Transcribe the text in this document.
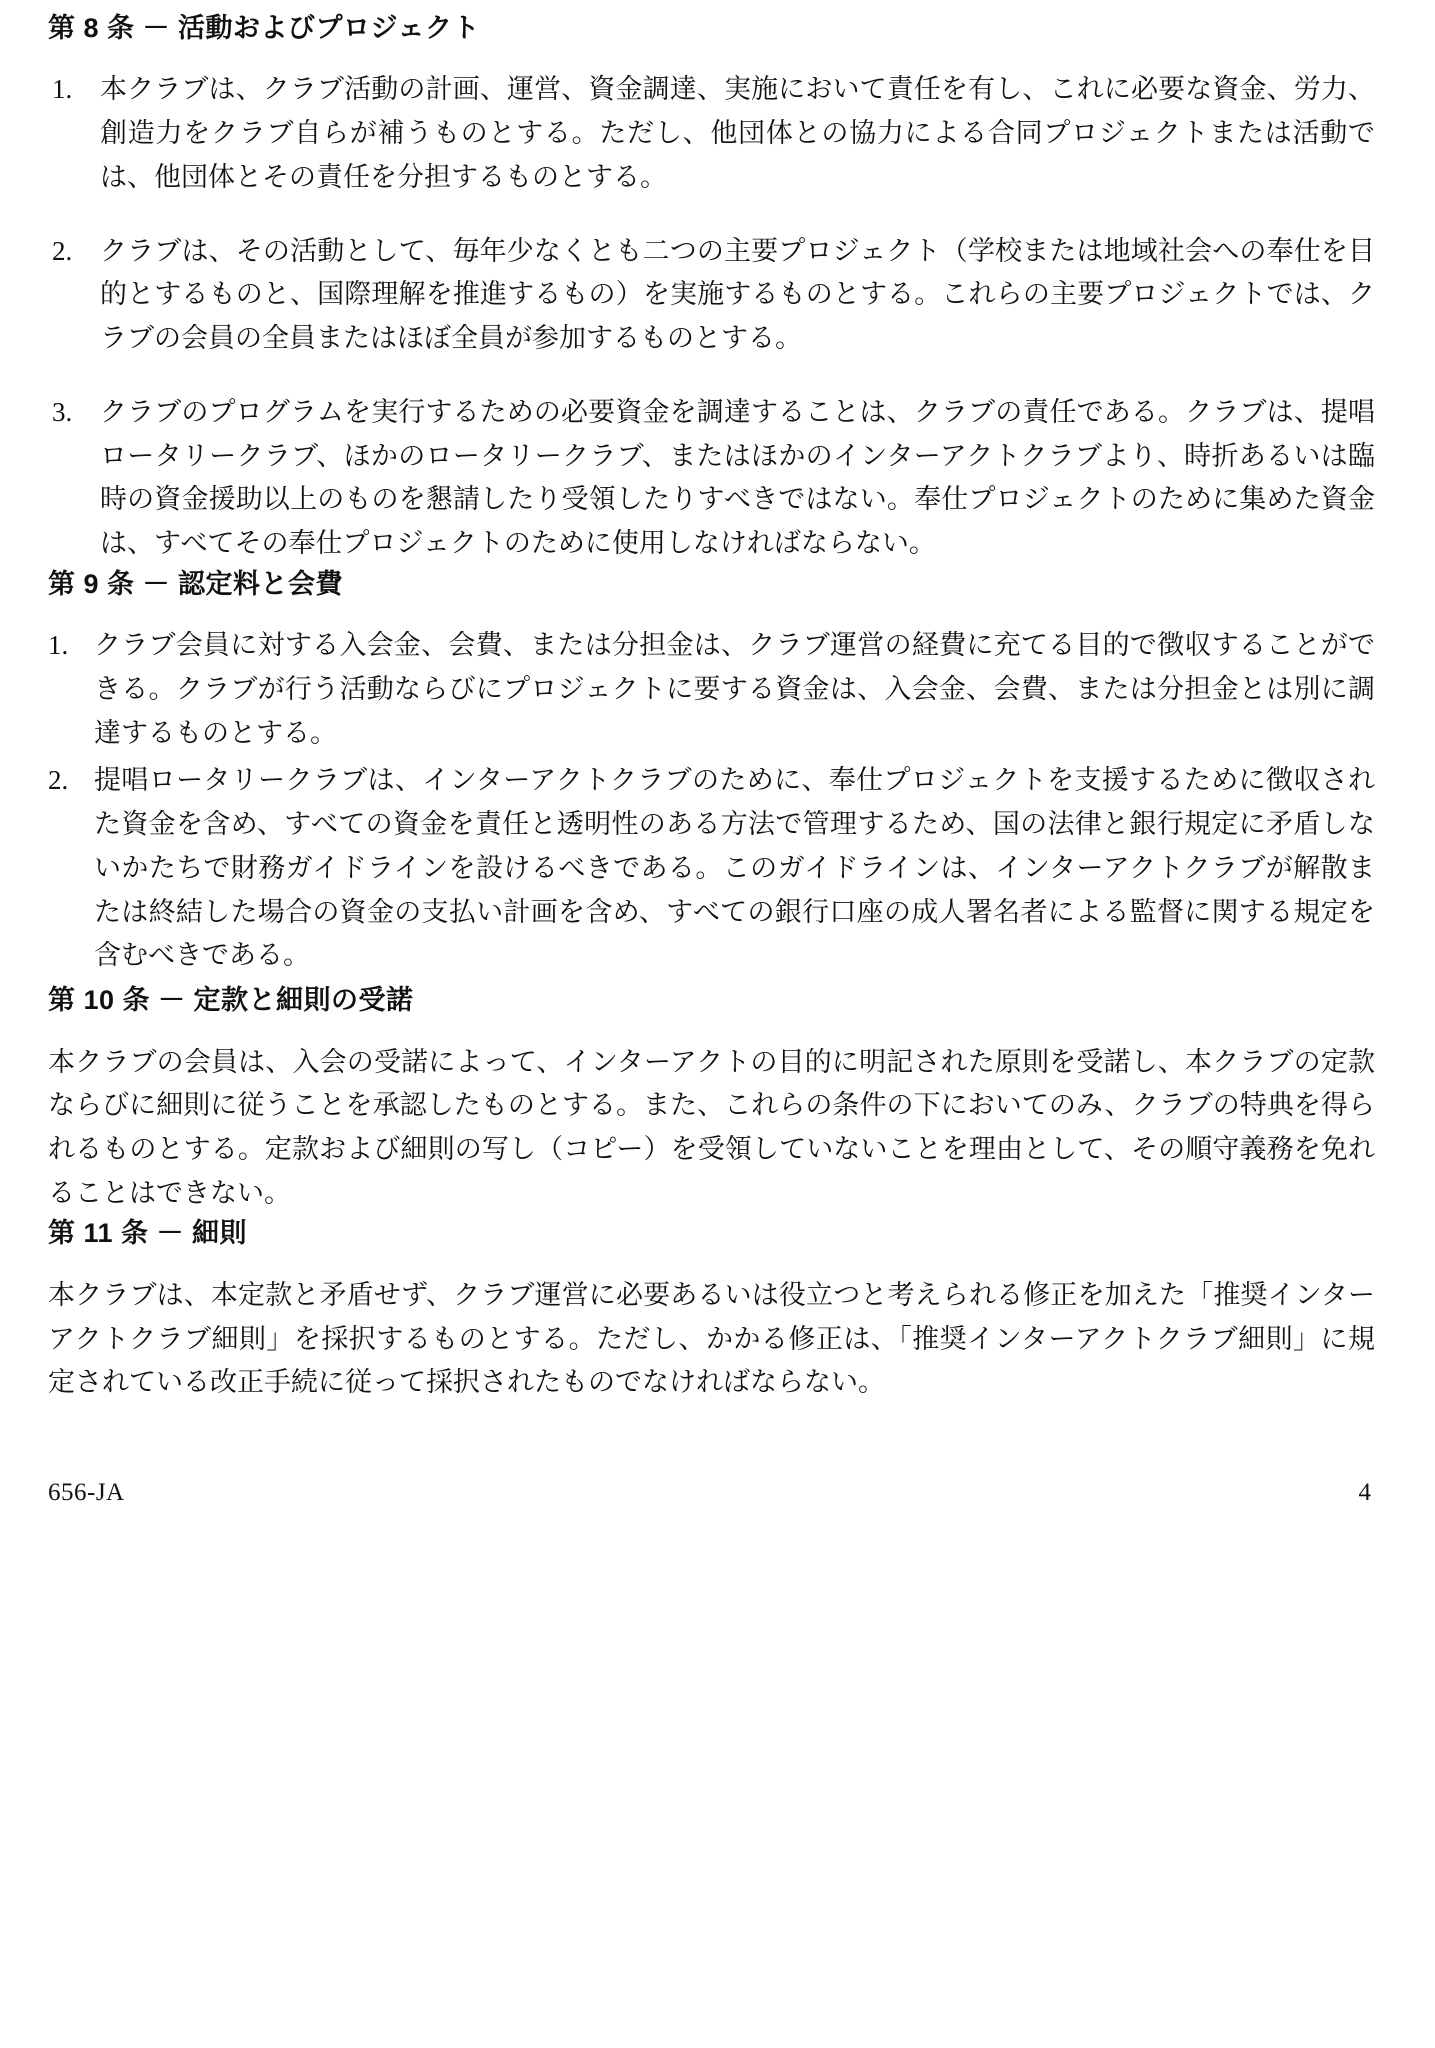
第 8 条 － 活動およびプロジェクト
1.	本クラブは、クラブ活動の計画、運営、資金調達、実施において責任を有し、これに必要な資金、労力、創造力をクラブ自らが補うものとする。ただし、他団体との協力による合同プロジェクトまたは活動では、他団体とその責任を分担するものとする。
2.	クラブは、その活動として、毎年少なくとも二つの主要プロジェクト（学校または地域社会への奉仕を目的とするものと、国際理解を推進するもの）を実施するものとする。これらの主要プロジェクトでは、クラブの会員の全員またはほぼ全員が参加するものとする。
3.	クラブのプログラムを実行するための必要資金を調達することは、クラブの責任である。クラブは、提唱ロータリークラブ、ほかのロータリークラブ、またはほかのインターアクトクラブより、時折あるいは臨時の資金援助以上のものを懇請したり受領したりすべきではない。奉仕プロジェクトのために集めた資金は、すべてその奉仕プロジェクトのために使用しなければならない。
第 9 条 － 認定料と会費
1. クラブ会員に対する入会金、会費、または分担金は、クラブ運営の経費に充てる目的で徴収することができる。クラブが行う活動ならびにプロジェクトに要する資金は、入会金、会費、または分担金とは別に調達するものとする。
2. 提唱ロータリークラブは、インターアクトクラブのために、奉仕プロジェクトを支援するために徴収された資金を含め、すべての資金を責任と透明性のある方法で管理するため、国の法律と銀行規定に矛盾しないかたちで財務ガイドラインを設けるべきである。このガイドラインは、インターアクトクラブが解散または終結した場合の資金の支払い計画を含め、すべての銀行口座の成人署名者による監督に関する規定を含むべきである。
第 10 条 － 定款と細則の受諾

本クラブの会員は、入会の受諾によって、インターアクトの目的に明記された原則を受諾し、本クラブの定款ならびに細則に従うことを承認したものとする。また、これらの条件の下においてのみ、クラブの特典を得られるものとする。定款および細則の写し（コピー）を受領していないことを理由として、その順守義務を免れることはできない。

第 11 条 － 細則

本クラブは、本定款と矛盾せず、クラブ運営に必要あるいは役立つと考えられる修正を加えた「推奨インターアクトクラブ細則」を採択するものとする。ただし、かかる修正は、「推奨インターアクトクラブ細則」に規定されている改正手続に従って採択されたものでなければならない。

656-JA	4
